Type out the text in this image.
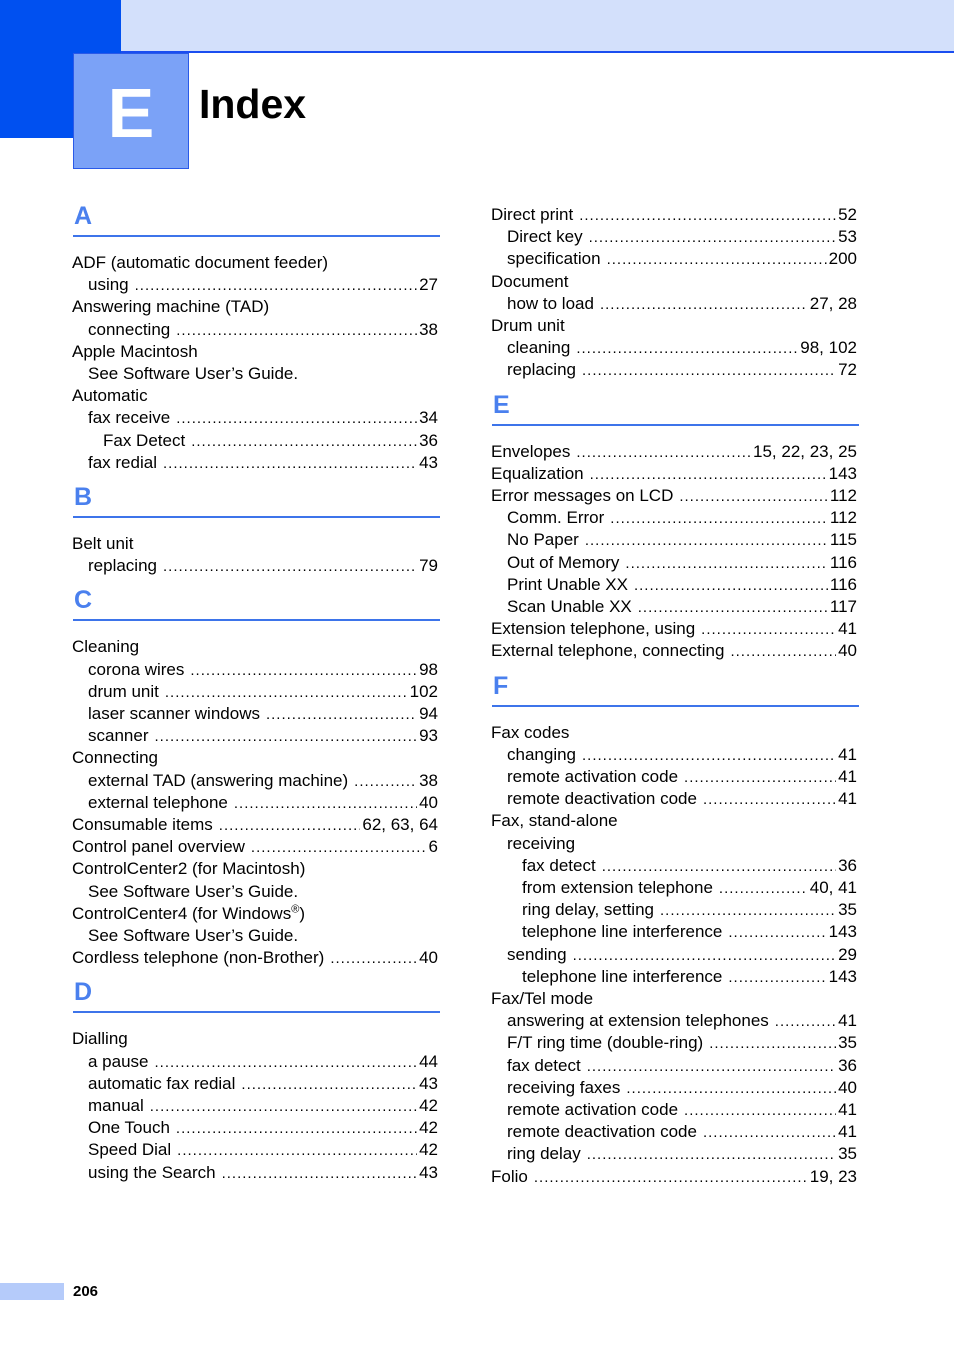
E Index
A
ADF (automatic document feeder)
using .....	27
Answering machine (TAD)
connecting .....	38
Apple Macintosh
See Software User’s Guide.
Automatic
fax receive .....	34
Fax Detect .....	36
fax redial .....	43
B
Belt unit
replacing .....	79
C
Cleaning
corona wires .....	98
drum unit .....	102
laser scanner windows .....	94
scanner .....	93
Connecting
external TAD (answering machine) .....	38
external telephone .....	40
Consumable items .....	62, 63, 64
Control panel overview .....	6
ControlCenter2 (for Macintosh)
See Software User’s Guide.
ControlCenter4 (for Windows®)
See Software User’s Guide.
Cordless telephone (non-Brother) .....	40
D
Dialling
a pause .....	44
automatic fax redial .....	43
manual .....	42
One Touch .....	42
Speed Dial .....	42
using the Search .....	43
Direct print .....	52
Direct key .....	53
specification .....	200
Document
how to load .....	27, 28
Drum unit
cleaning .....	98, 102
replacing .....	72
E
Envelopes .....	15, 22, 23, 25
Equalization .....	143
Error messages on LCD .....	112
Comm. Error .....	112
No Paper .....	115
Out of Memory .....	116
Print Unable XX .....	116
Scan Unable XX .....	117
Extension telephone, using .....	41
External telephone, connecting .....	40
F
Fax codes
changing .....	41
remote activation code .....	41
remote deactivation code .....	41
Fax, stand-alone
receiving
fax detect .....	36
from extension telephone .....	40, 41
ring delay, setting .....	35
telephone line interference .....	143
sending .....	29
telephone line interference .....	143
Fax/Tel mode
answering at extension telephones .....	41
F/T ring time (double-ring) .....	35
fax detect .....	36
receiving faxes .....	40
remote activation code .....	41
remote deactivation code .....	41
ring delay .....	35
Folio .....	19, 23
206
